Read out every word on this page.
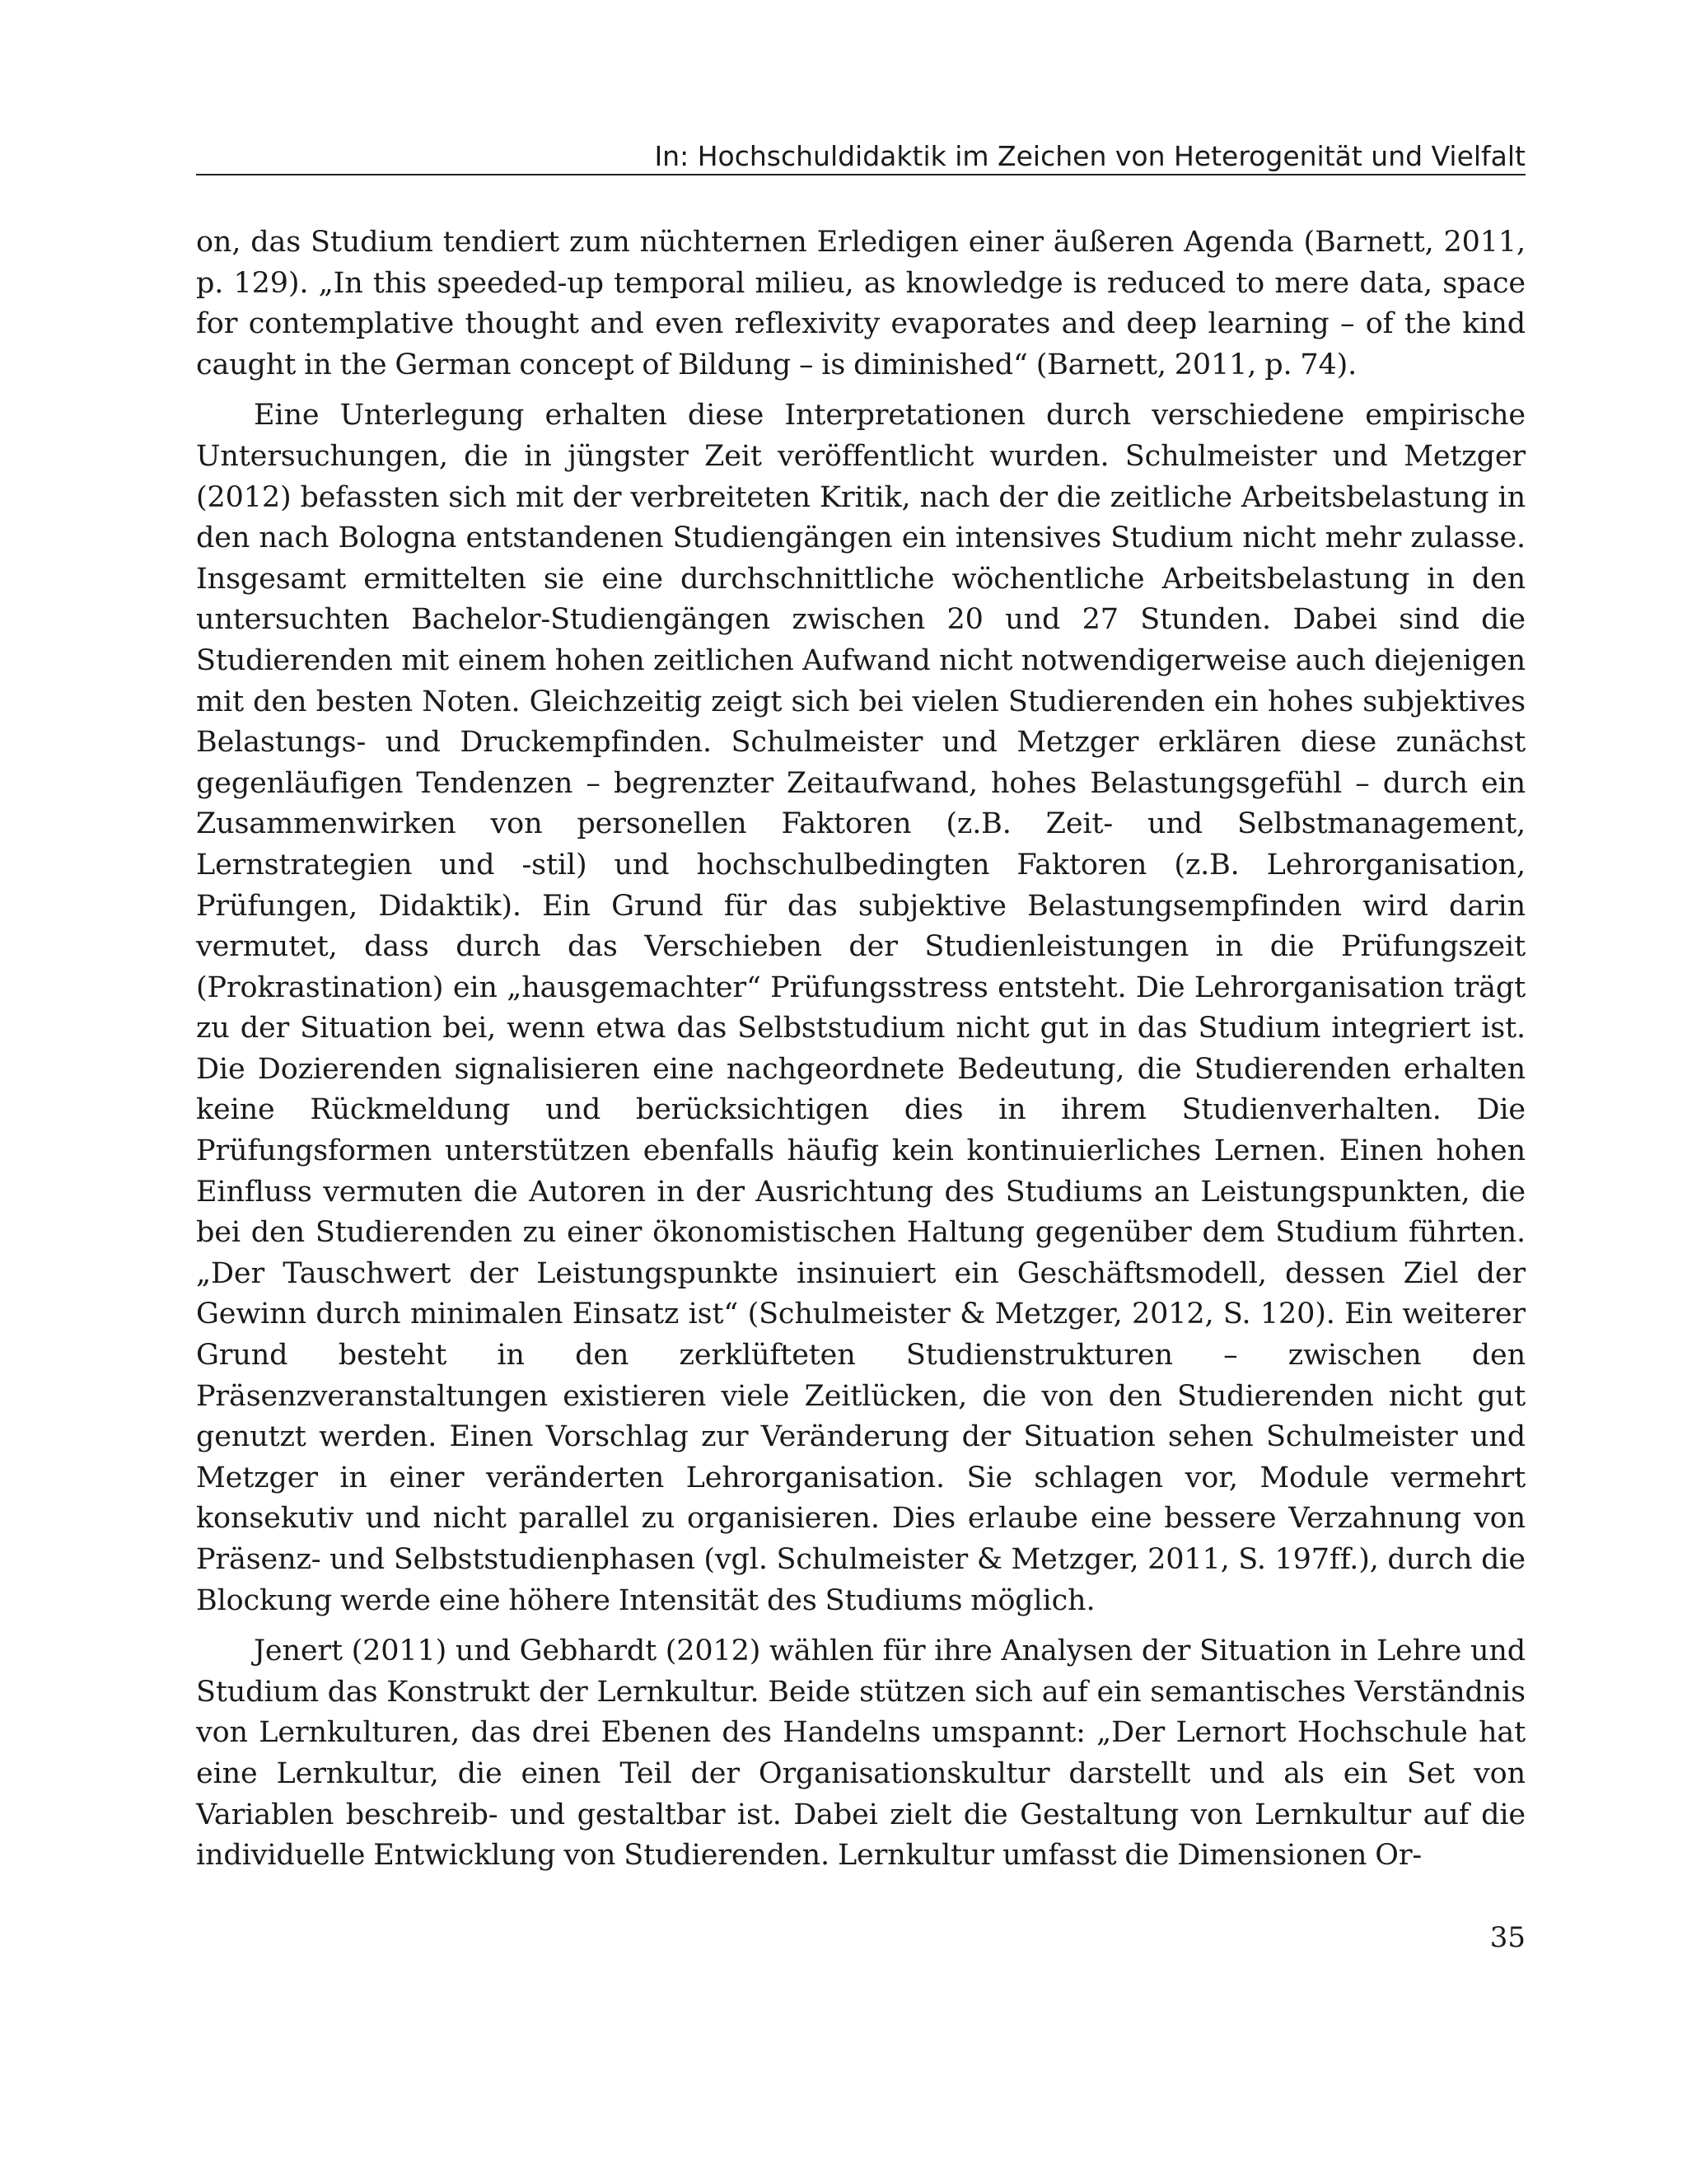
In: Hochschuldidaktik im Zeichen von Heterogenität und Vielfalt

on, das Studium tendiert zum nüchternen Erledigen einer äußeren Agenda (Barnett, 2011, p. 129). „In this speeded-up temporal milieu, as knowledge is reduced to mere data, space for contemplative thought and even reflexivity evaporates and deep learning – of the kind caught in the German concept of Bildung – is diminished“ (Barnett, 2011, p. 74).

Eine Unterlegung erhalten diese Interpretationen durch verschiedene empirische Untersuchungen, die in jüngster Zeit veröffentlicht wurden. Schulmeister und Metzger (2012) befassten sich mit der verbreiteten Kritik, nach der die zeitliche Arbeitsbelastung in den nach Bologna entstandenen Studiengängen ein intensives Studium nicht mehr zulasse. Insgesamt ermittelten sie eine durchschnittliche wöchentliche Arbeitsbelastung in den untersuchten Bachelor-Studiengängen zwischen 20 und 27 Stunden. Dabei sind die Studierenden mit einem hohen zeitlichen Aufwand nicht notwendigerweise auch diejenigen mit den besten Noten. Gleichzeitig zeigt sich bei vielen Studierenden ein hohes subjektives Belastungs- und Druckempfinden. Schulmeister und Metzger erklären diese zunächst gegenläufigen Tendenzen – begrenzter Zeitaufwand, hohes Belastungsgefühl – durch ein Zusammenwirken von personellen Faktoren (z.B. Zeit- und Selbstmanagement, Lernstrategien und -stil) und hochschulbedingten Faktoren (z.B. Lehrorganisation, Prüfungen, Didaktik). Ein Grund für das subjektive Belastungsempfinden wird darin vermutet, dass durch das Verschieben der Studienleistungen in die Prüfungszeit (Prokrastination) ein „hausgemachter“ Prüfungsstress entsteht. Die Lehrorganisation trägt zu der Situation bei, wenn etwa das Selbststudium nicht gut in das Studium integriert ist. Die Dozierenden signalisieren eine nachgeordnete Bedeutung, die Studierenden erhalten keine Rückmeldung und berücksichtigen dies in ihrem Studienverhalten. Die Prüfungsformen unterstützen ebenfalls häufig kein kontinuierliches Lernen. Einen hohen Einfluss vermuten die Autoren in der Ausrichtung des Studiums an Leistungspunkten, die bei den Studierenden zu einer ökonomistischen Haltung gegenüber dem Studium führten. „Der Tauschwert der Leistungspunkte insinuiert ein Geschäftsmodell, dessen Ziel der Gewinn durch minimalen Einsatz ist“ (Schulmeister & Metzger, 2012, S. 120). Ein weiterer Grund besteht in den zerklüfteten Studienstrukturen – zwischen den Präsenzveranstaltungen existieren viele Zeitlücken, die von den Studierenden nicht gut genutzt werden. Einen Vorschlag zur Veränderung der Situation sehen Schulmeister und Metzger in einer veränderten Lehrorganisation. Sie schlagen vor, Module vermehrt konsekutiv und nicht parallel zu organisieren. Dies erlaube eine bessere Verzahnung von Präsenz- und Selbststudienphasen (vgl. Schulmeister & Metzger, 2011, S. 197ff.), durch die Blockung werde eine höhere Intensität des Studiums möglich.

Jenert (2011) und Gebhardt (2012) wählen für ihre Analysen der Situation in Lehre und Studium das Konstrukt der Lernkultur. Beide stützen sich auf ein semantisches Verständnis von Lernkulturen, das drei Ebenen des Handelns umspannt: „Der Lernort Hochschule hat eine Lernkultur, die einen Teil der Organisationskultur darstellt und als ein Set von Variablen beschreib- und gestaltbar ist. Dabei zielt die Gestaltung von Lernkultur auf die individuelle Entwicklung von Studierenden. Lernkultur umfasst die Dimensionen Or-

35
